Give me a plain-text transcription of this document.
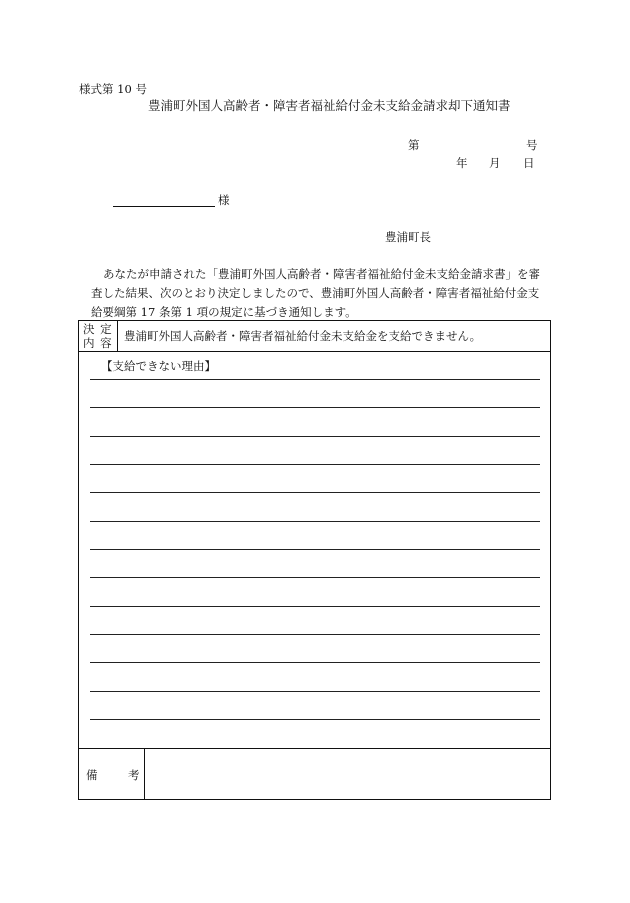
様式第 10 号
豊浦町外国人高齢者・障害者福祉給付金未支給金請求却下通知書
第	号
年 月 日
様
豊浦町長
あなたが申請された「豊浦町外国人高齢者・障害者福祉給付金未支給金請求書」を審
査した結果、次のとおり決定しましたので、豊浦町外国人高齢者・障害者福祉給付金支
給要綱第 17 条第 1 項の規定に基づき通知します。
決 定
内 容 豊浦町外国人高齢者・障害者福祉給付金未支給金を支給できません。
【支給できない理由】
備	考
